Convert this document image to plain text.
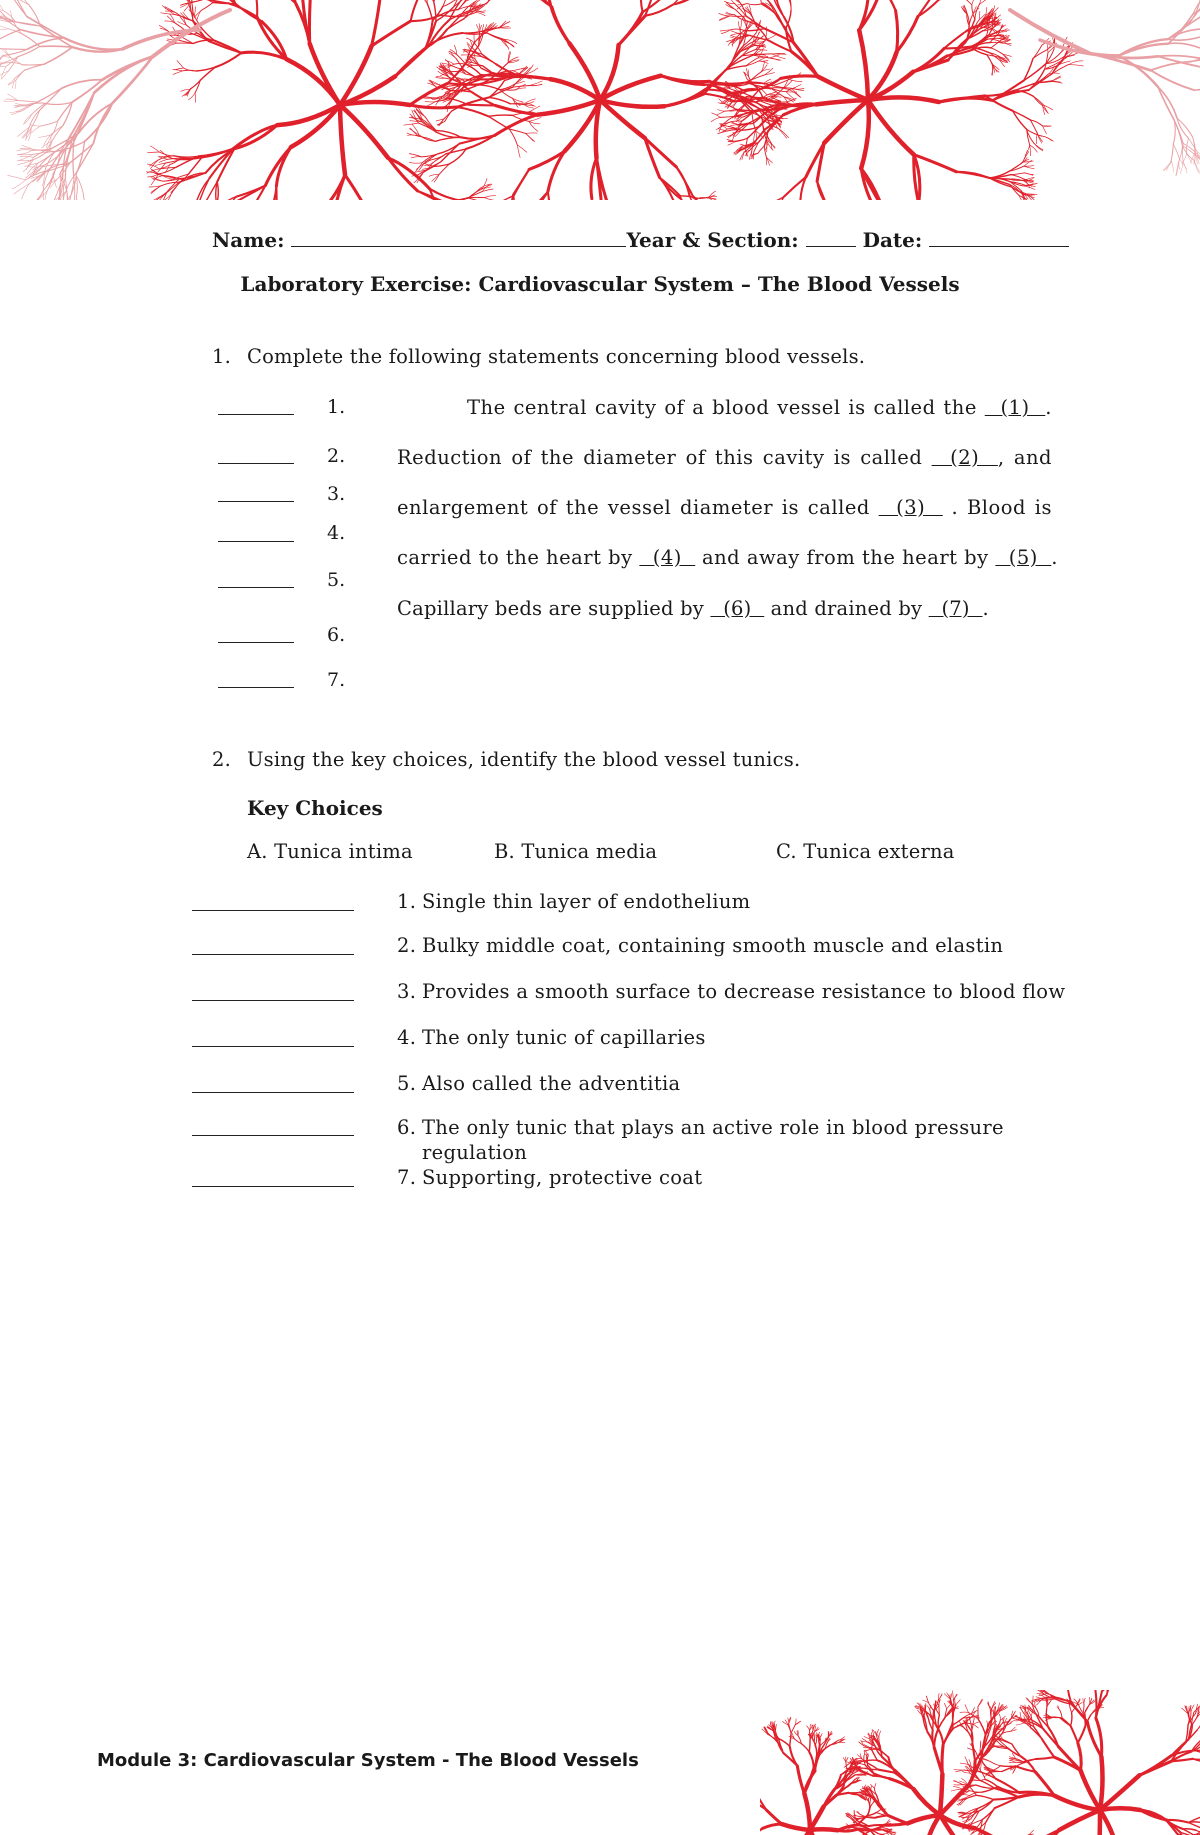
Name:	Year & Section:	Date:
Laboratory Exercise: Cardiovascular System – The Blood Vessels
1. Complete the following statements concerning blood vessels.
1.
2.
3.
4.
5.
6.
7.
The central cavity of a blood vessel is called the   (1)  .
Reduction of the diameter of this cavity is called   (2)  , and
enlargement of the vessel diameter is called   (3)   . Blood is
carried to the heart by   (4)   and away from the heart by   (5)  .
Capillary beds are supplied by   (6)   and drained by   (7)  .
2. Using the key choices, identify the blood vessel tunics.
Key Choices
A. Tunica intima	B. Tunica media	C. Tunica externa
1. Single thin layer of endothelium
2. Bulky middle coat, containing smooth muscle and elastin
3. Provides a smooth surface to decrease resistance to blood flow
4. The only tunic of capillaries
5. Also called the adventitia
6. The only tunic that plays an active role in blood pressure
regulation
7. Supporting, protective coat
Module 3: Cardiovascular System - The Blood Vessels
